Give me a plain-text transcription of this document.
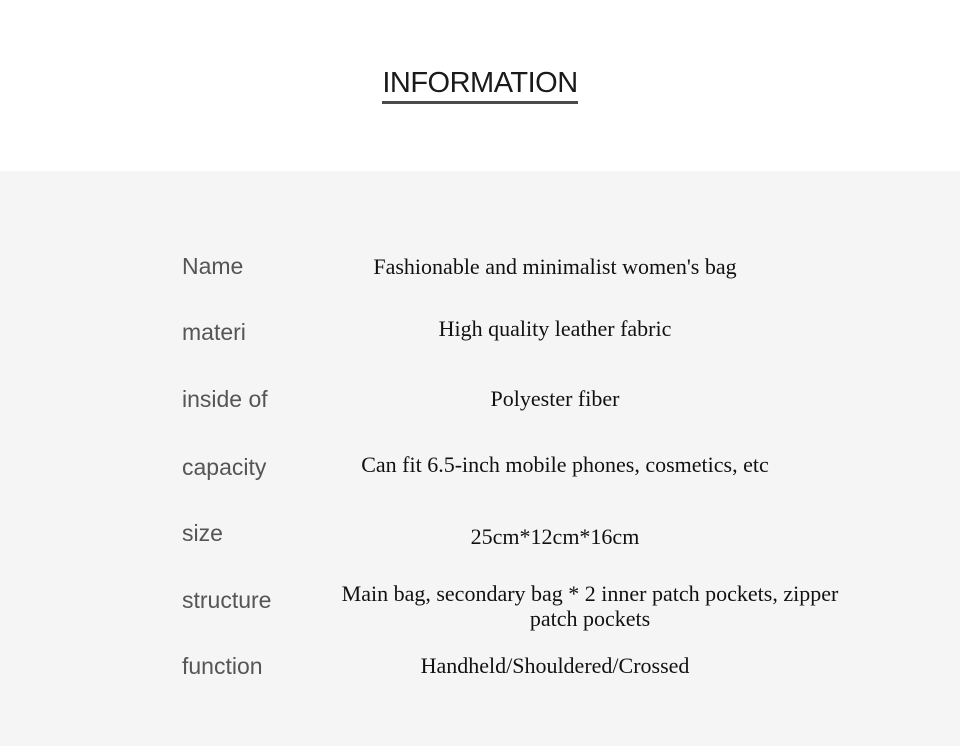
INFORMATION
Name	Fashionable and minimalist women's bag
materi	High quality leather fabric
inside of	Polyester fiber
capacity	Can fit 6.5-inch mobile phones, cosmetics, etc
size	25cm*12cm*16cm
structure	Main bag, secondary bag * 2 inner patch pockets, zipper patch pockets
function	Handheld/Shouldered/Crossed
